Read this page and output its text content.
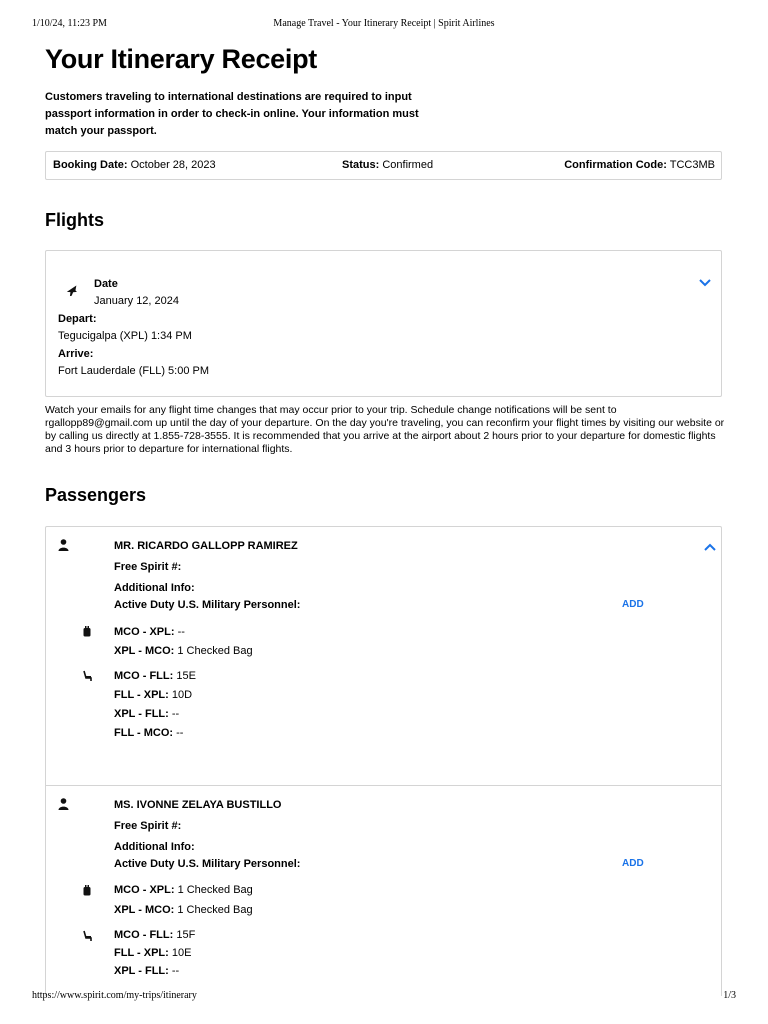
1/10/24, 11:23 PM	Manage Travel - Your Itinerary Receipt | Spirit Airlines
Your Itinerary Receipt

Customers traveling to international destinations are required to input passport information in order to check-in online. Your information must match your passport.

Booking Date: October 28, 2023	Status: Confirmed	Confirmation Code: TCC3MB
Flights
Date
January 12, 2024
Depart:
Tegucigalpa (XPL) 1:34 PM
Arrive:
Fort Lauderdale (FLL) 5:00 PM

Watch your emails for any flight time changes that may occur prior to your trip. Schedule change notifications will be sent to rgallopp89@gmail.com up until the day of your departure. On the day you're traveling, you can reconfirm your flight times by visiting our website or by calling us directly at 1.855-728-3555. It is recommended that you arrive at the airport about 2 hours prior to your departure for domestic flights and 3 hours prior to departure for international flights.

Passengers
MR. RICARDO GALLOPP RAMIREZ
Free Spirit #:
Additional Info:
Active Duty U.S. Military Personnel:	ADD
MCO - XPL: --
XPL - MCO: 1 Checked Bag
MCO - FLL: 15E
FLL - XPL: 10D
XPL - FLL: --
FLL - MCO: --
MS. IVONNE ZELAYA BUSTILLO
Free Spirit #:
Additional Info:
Active Duty U.S. Military Personnel:	ADD
MCO - XPL: 1 Checked Bag
XPL - MCO: 1 Checked Bag
MCO - FLL: 15F
FLL - XPL: 10E
XPL - FLL: --
https://www.spirit.com/my-trips/itinerary	1/3
